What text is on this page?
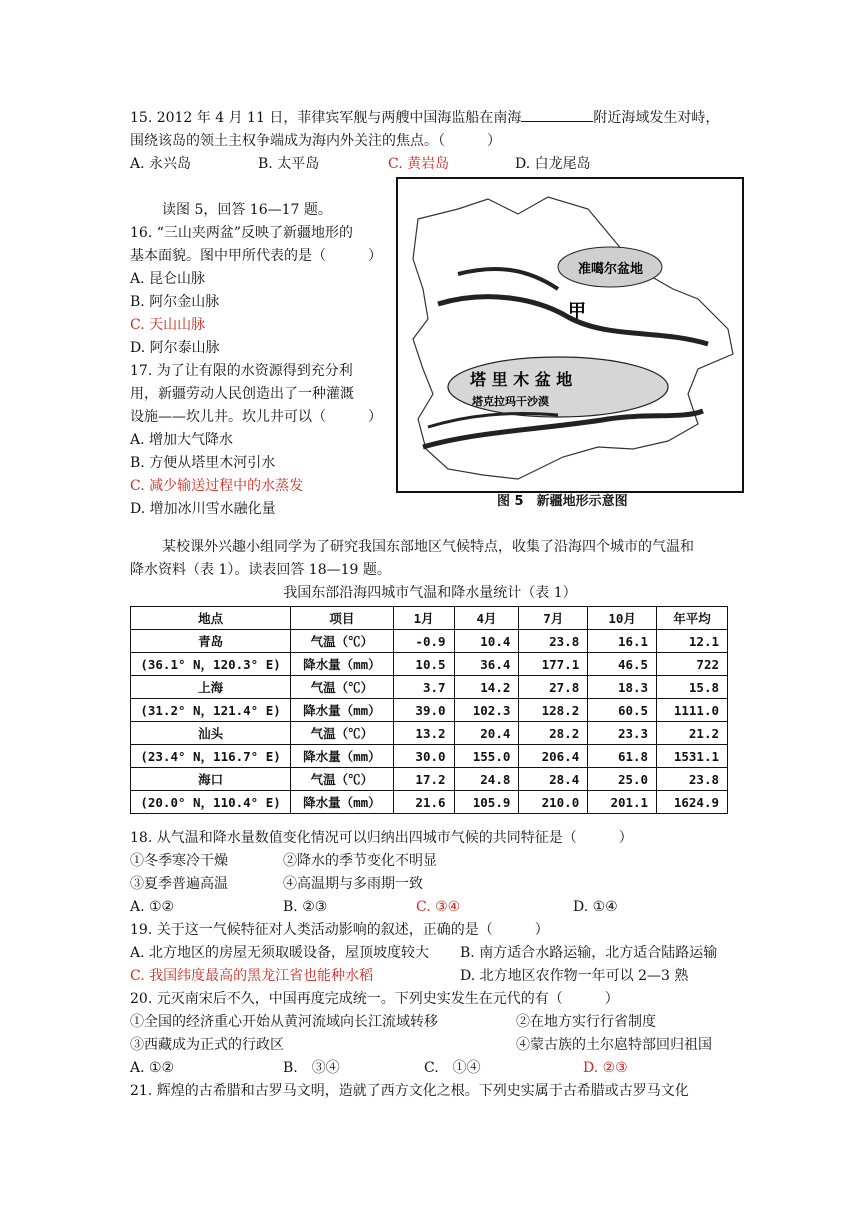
15. 2012 年 4 月 11 日，菲律宾军舰与两艘中国海监船在南海	附近海域发生对峙，
围绕该岛的领土主权争端成为海内外关注的焦点。（　　　）
A. 永兴岛	B. 太平岛	C. 黄岩岛	D. 白龙尾岛
读图 5，回答 16—17 题。
16. “三山夹两盆”反映了新疆地形的
基本面貌。图中甲所代表的是（　　　）
A. 昆仑山脉
B. 阿尔金山脉
C. 天山山脉
D. 阿尔泰山脉
17. 为了让有限的水资源得到充分利
用，新疆劳动人民创造出了一种灌溉
设施——坎儿井。坎儿井可以（　　　）
A. 增加大气降水
B. 方便从塔里木河引水
C. 减少输送过程中的水蒸发
D. 增加冰川雪水融化量
准噶尔盆地
甲
塔 里 木 盆 地
塔克拉玛干沙漠
图 5　新疆地形示意图
某校课外兴趣小组同学为了研究我国东部地区气候特点，收集了沿海四个城市的气温和
降水资料（表 1）。读表回答 18—19 题。
我国东部沿海四城市气温和降水量统计（表 1）
地点	项目	1月	4月	7月	10月	年平均
青岛	气温（℃）	-0.9	10.4	23.8	16.1	12.1
(36.1° N，120.3° E)	降水量（mm）	10.5	36.4	177.1	46.5	722
上海	气温（℃）	3.7	14.2	27.8	18.3	15.8
(31.2° N，121.4° E)	降水量（mm）	39.0	102.3	128.2	60.5	1111.0
汕头	气温（℃）	13.2	20.4	28.2	23.3	21.2
(23.4° N，116.7° E)	降水量（mm）	30.0	155.0	206.4	61.8	1531.1
海口	气温（℃）	17.2	24.8	28.4	25.0	23.8
(20.0° N，110.4° E)	降水量（mm）	21.6	105.9	210.0	201.1	1624.9
18. 从气温和降水量数值变化情况可以归纳出四城市气候的共同特征是（　　　）
①冬季寒冷干燥	②降水的季节变化不明显
③夏季普遍高温	④高温期与多雨期一致
A. ①②	B. ②③	C. ③④	D. ①④
19. 关于这一气候特征对人类活动影响的叙述，正确的是（　　　）
A. 北方地区的房屋无须取暖设备，屋顶坡度较大 B. 南方适合水路运输，北方适合陆路运输
C. 我国纬度最高的黑龙江省也能种水稻	D. 北方地区农作物一年可以 2—3 熟
20. 元灭南宋后不久，中国再度完成统一。下列史实发生在元代的有（　　　）
①全国的经济重心开始从黄河流域向长江流域转移	②在地方实行行省制度
③西藏成为正式的行政区	④蒙古族的土尔扈特部回归祖国
A. ①②	B.　③④	C.　①④	D. ②③
21. 辉煌的古希腊和古罗马文明，造就了西方文化之根。下列史实属于古希腊或古罗马文化
